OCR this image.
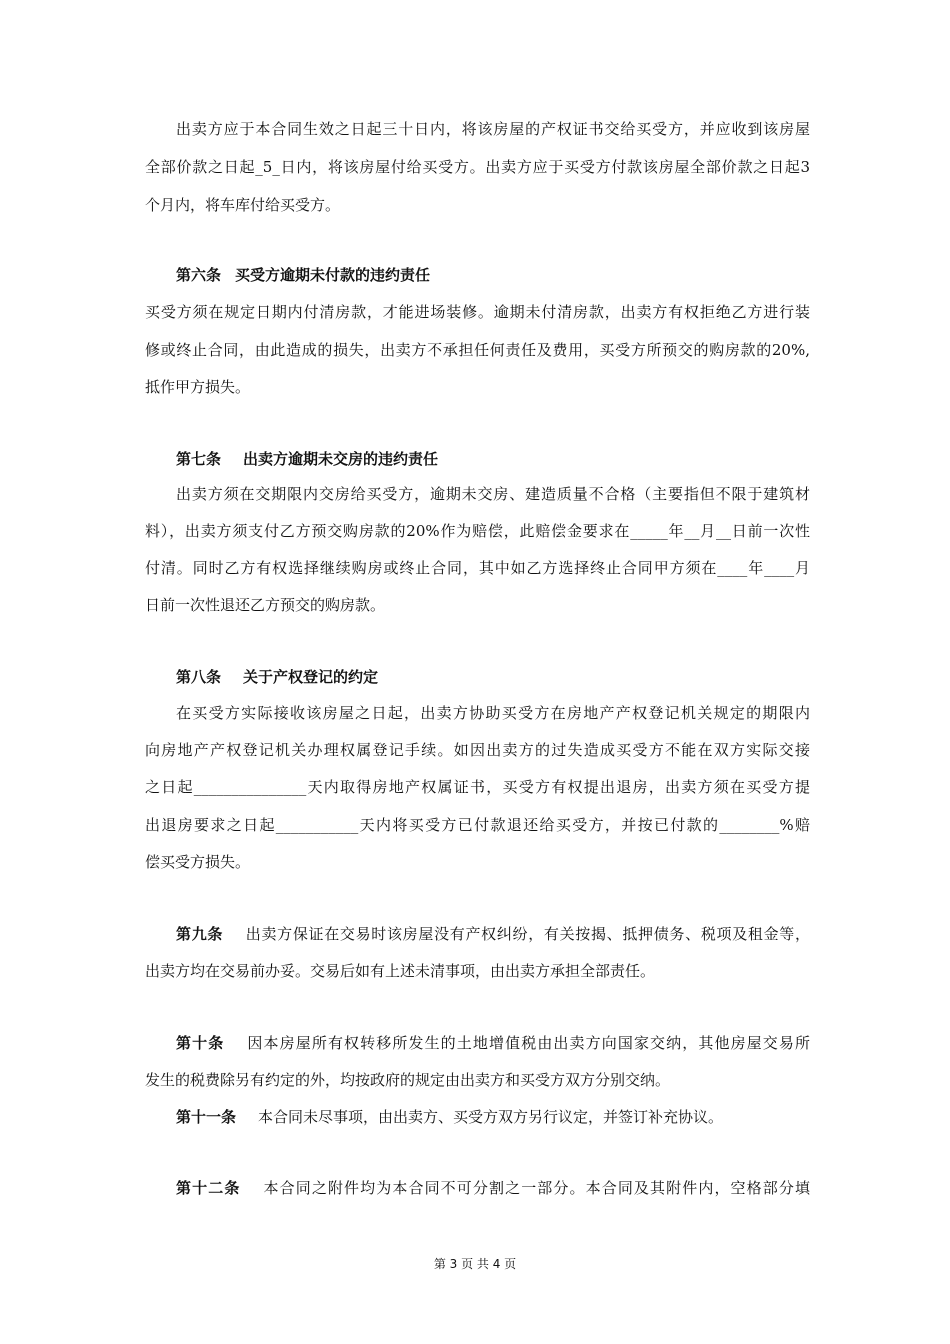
出卖方应于本合同生效之日起三十日内，将该房屋的产权证书交给买受方，并应收到该房屋
全部价款之日起_5_日内，将该房屋付给买受方。出卖方应于买受方付款该房屋全部价款之日起3
个月内，将车库付给买受方。
第六条 买受方逾期未付款的违约责任
买受方须在规定日期内付清房款，才能进场装修。逾期未付清房款，出卖方有权拒绝乙方进行装
修或终止合同，由此造成的损失，出卖方不承担任何责任及费用，买受方所预交的购房款的20%,
抵作甲方损失。
第七条 出卖方逾期未交房的违约责任
出卖方须在交期限内交房给买受方，逾期未交房、建造质量不合格（主要指但不限于建筑材
料），出卖方须支付乙方预交购房款的20%作为赔偿，此赔偿金要求在_____年__月__日前一次性
付清。同时乙方有权选择继续购房或终止合同，其中如乙方选择终止合同甲方须在____年____月
日前一次性退还乙方预交的购房款。
第八条 关于产权登记的约定
在买受方实际接收该房屋之日起，出卖方协助买受方在房地产产权登记机关规定的期限内
向房地产产权登记机关办理权属登记手续。如因出卖方的过失造成买受方不能在双方实际交接
之日起_______________天内取得房地产权属证书，买受方有权提出退房，出卖方须在买受方提
出退房要求之日起___________天内将买受方已付款退还给买受方，并按已付款的________%赔
偿买受方损失。
第九条 出卖方保证在交易时该房屋没有产权纠纷，有关按揭、抵押债务、税项及租金等，
出卖方均在交易前办妥。交易后如有上述未清事项，由出卖方承担全部责任。
第十条 因本房屋所有权转移所发生的土地增值税由出卖方向国家交纳，其他房屋交易所
发生的税费除另有约定的外，均按政府的规定由出卖方和买受方双方分别交纳。
第十一条 本合同未尽事项，由出卖方、买受方双方另行议定，并签订补充协议。
第十二条 本合同之附件均为本合同不可分割之一部分。本合同及其附件内，空格部分填
第 3 页 共 4 页
